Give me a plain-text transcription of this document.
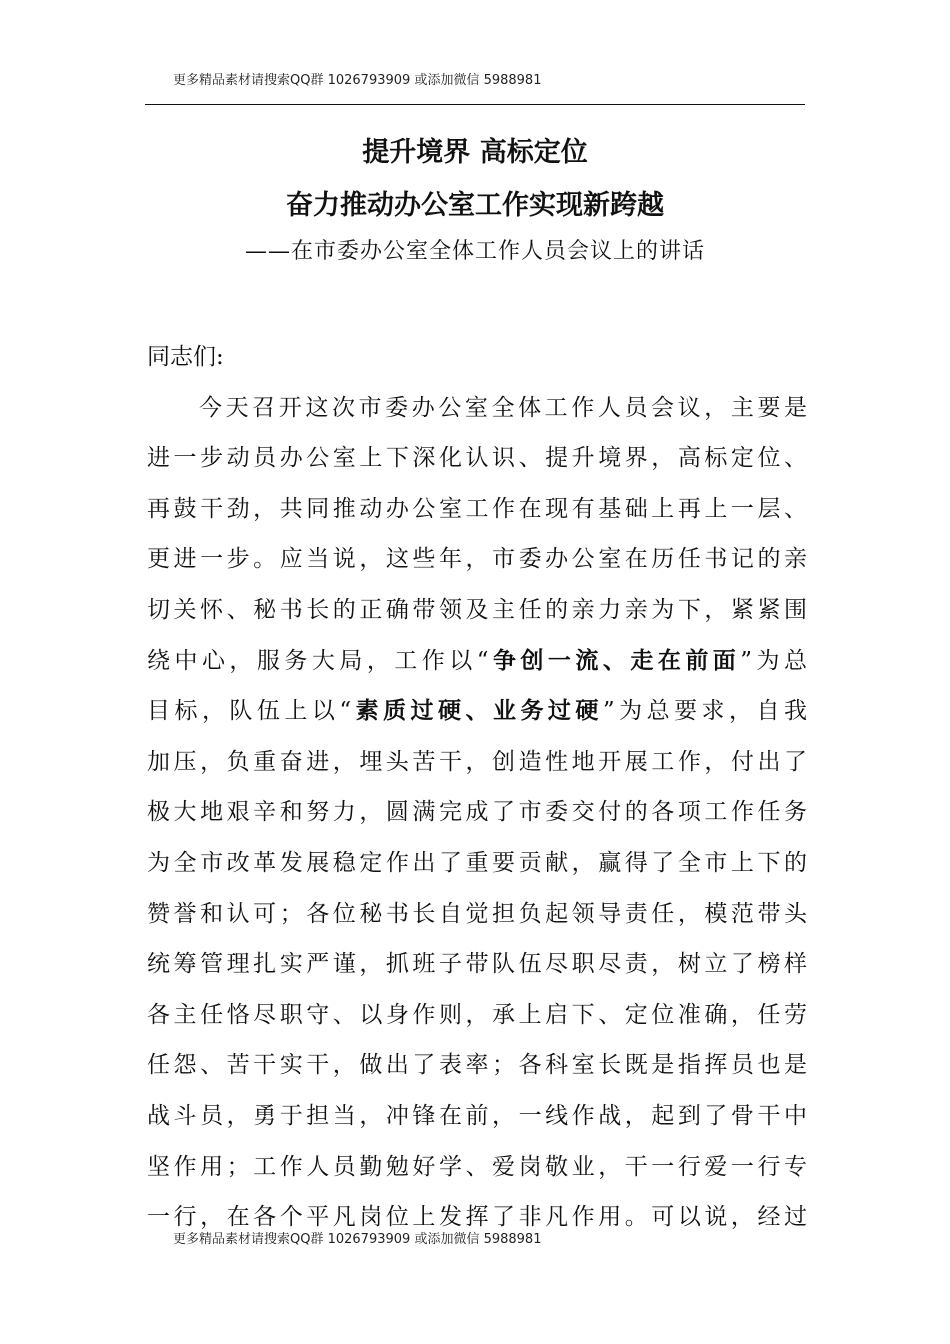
更多精品素材请搜索QQ群 1026793909 或添加微信 5988981
提升境界 高标定位
奋力推动办公室工作实现新跨越
——在市委办公室全体工作人员会议上的讲话
同志们:
今天召开这次市委办公室全体工作人员会议，主要是
进一步动员办公室上下深化认识、提升境界，高标定位、
再鼓干劲，共同推动办公室工作在现有基础上再上一层、
更进一步。应当说，这些年，市委办公室在历任书记的亲
切关怀、秘书长的正确带领及主任的亲力亲为下，紧紧围
绕中心，服务大局，工作以“争创一流、走在前面”为总
目标，队伍上以“素质过硬、业务过硬”为总要求，自我
加压，负重奋进，埋头苦干，创造性地开展工作，付出了
极大地艰辛和努力，圆满完成了市委交付的各项工作任务
为全市改革发展稳定作出了重要贡献，赢得了全市上下的
赞誉和认可；各位秘书长自觉担负起领导责任，模范带头
统筹管理扎实严谨，抓班子带队伍尽职尽责，树立了榜样
各主任恪尽职守、以身作则，承上启下、定位准确，任劳
任怨、苦干实干，做出了表率；各科室长既是指挥员也是
战斗员，勇于担当，冲锋在前，一线作战，起到了骨干中
坚作用；工作人员勤勉好学、爱岗敬业，干一行爱一行专
一行，在各个平凡岗位上发挥了非凡作用。可以说，经过
更多精品素材请搜索QQ群 1026793909 或添加微信 5988981
